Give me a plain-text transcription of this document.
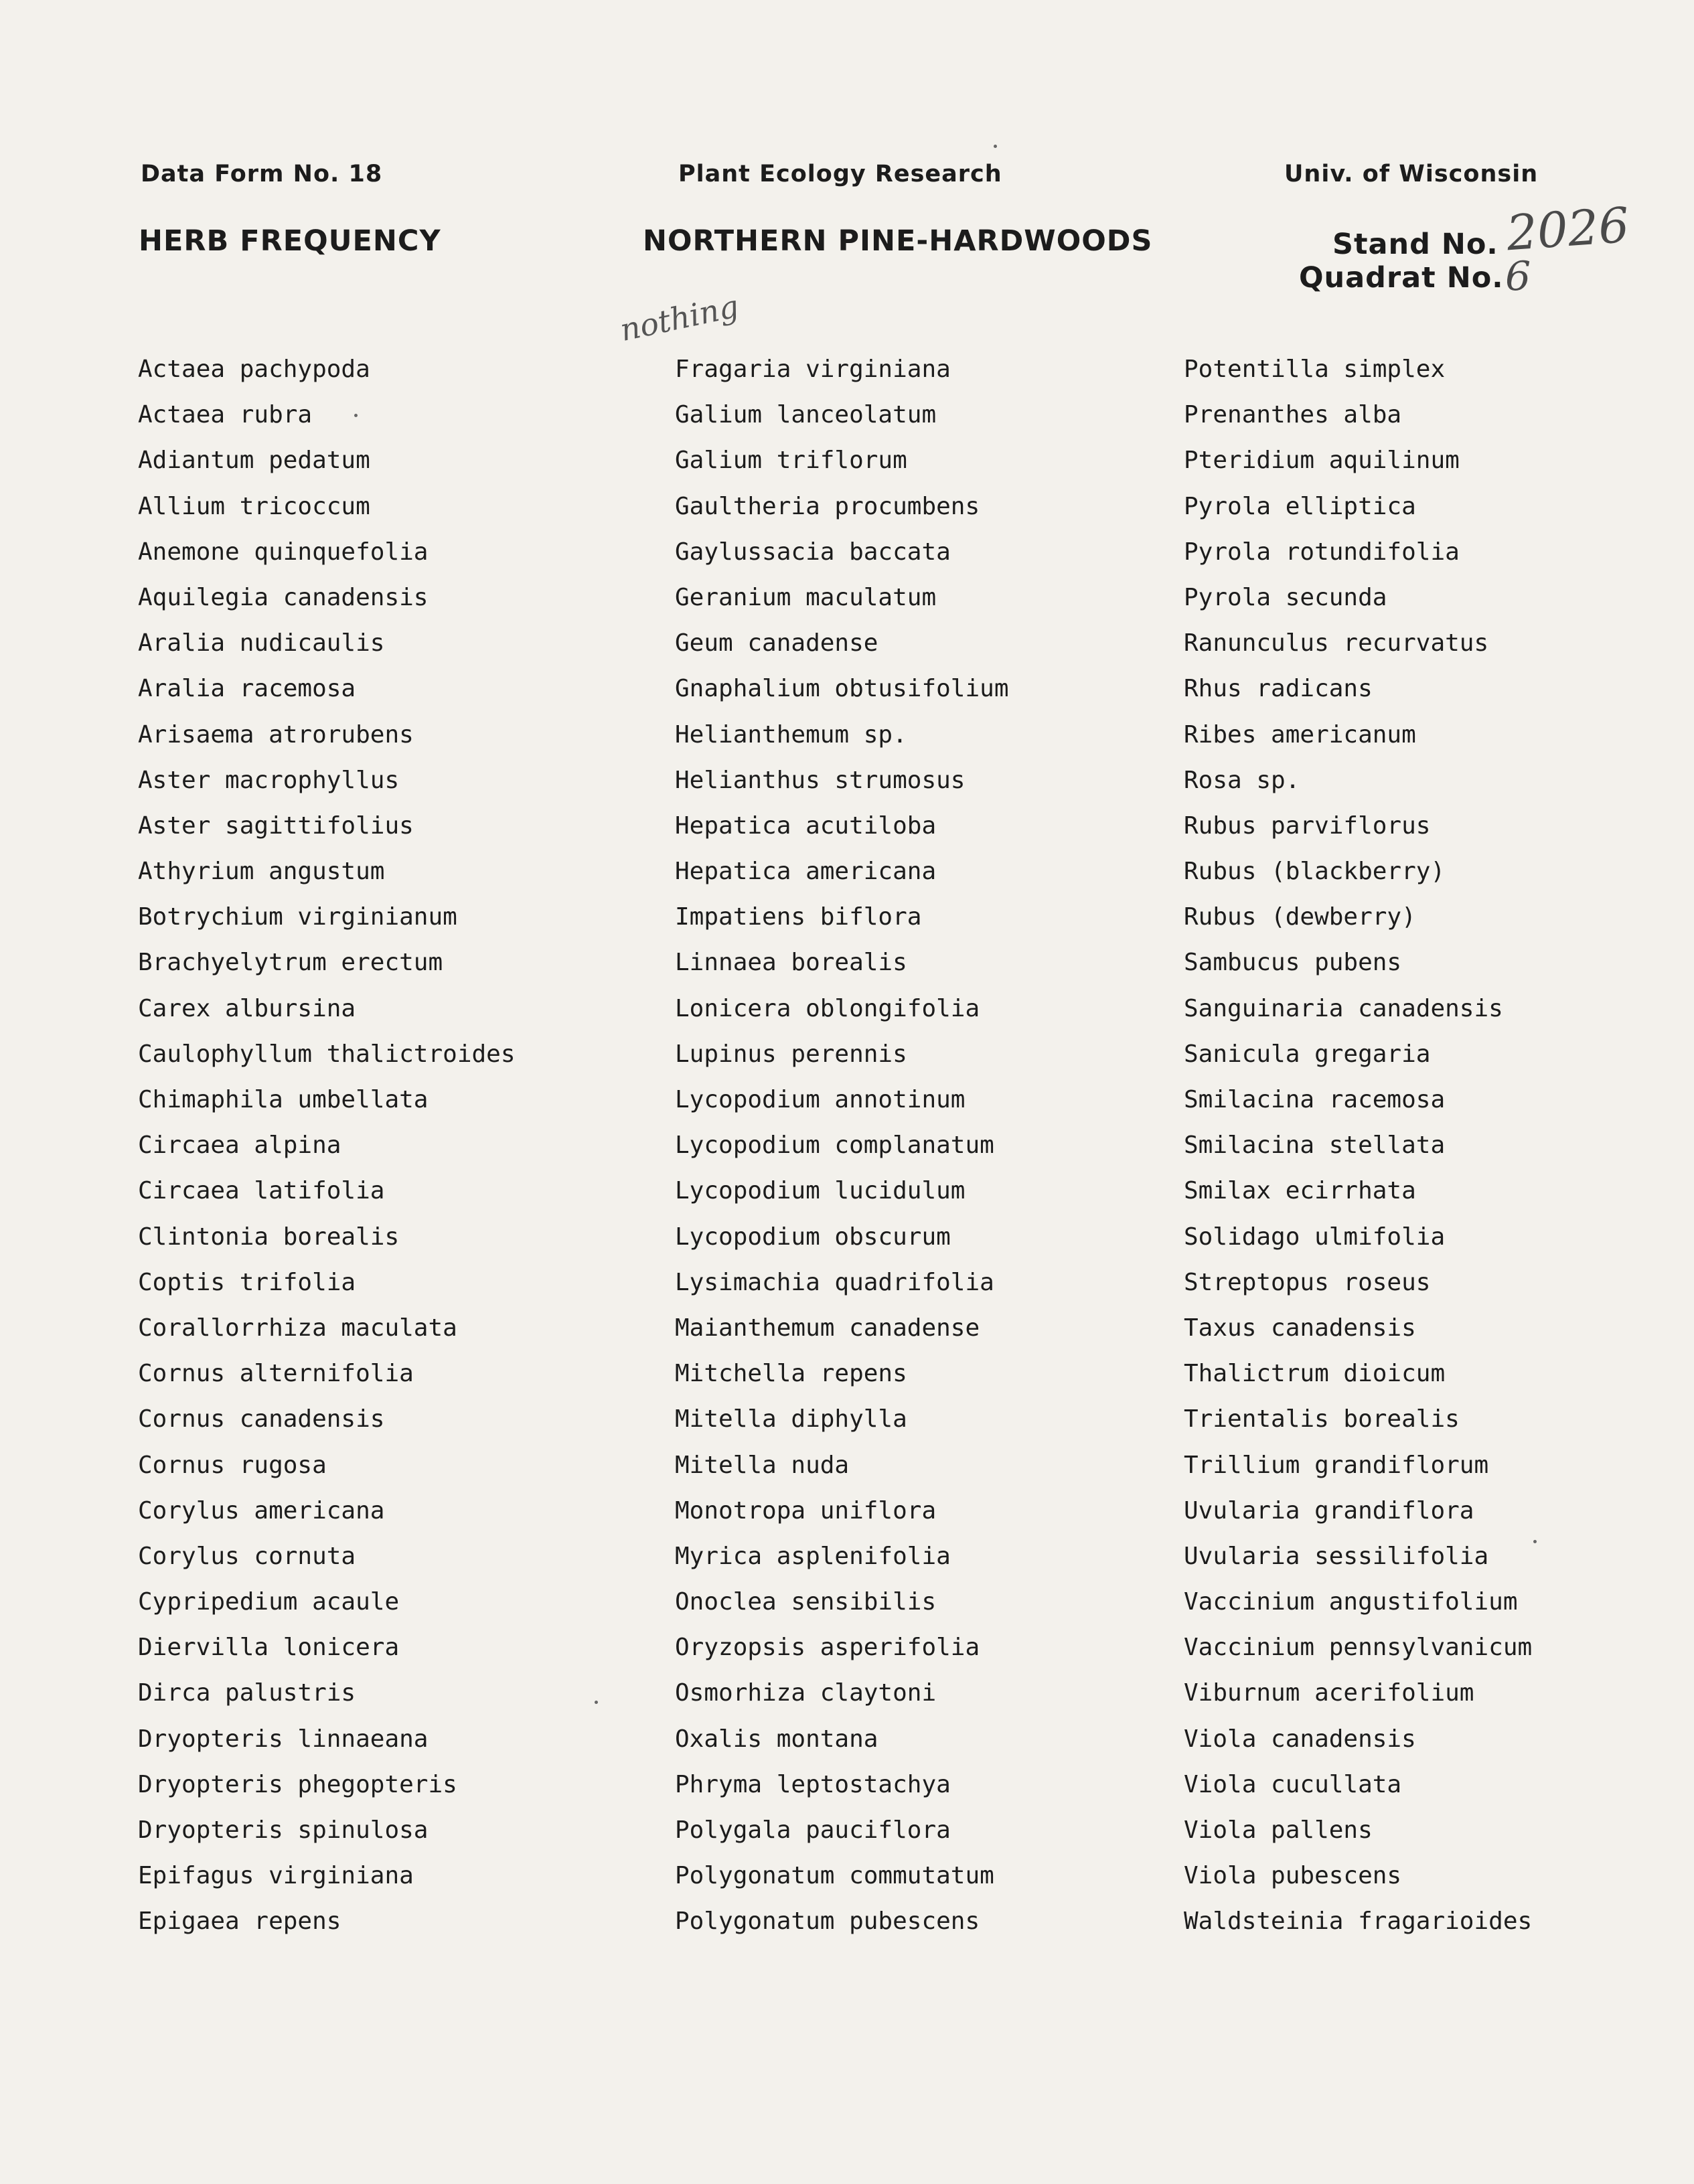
Data Form No. 18	Plant Ecology Research	Univ. of Wisconsin
HERB FREQUENCY	NORTHERN PINE-HARDWOODS	Stand No. 2026
Quadrat No. 6
nothing
Actaea pachypoda
Actaea rubra
Adiantum pedatum
Allium tricoccum
Anemone quinquefolia
Aquilegia canadensis
Aralia nudicaulis
Aralia racemosa
Arisaema atrorubens
Aster macrophyllus
Aster sagittifolius
Athyrium angustum
Botrychium virginianum
Brachyelytrum erectum
Carex albursina
Caulophyllum thalictroides
Chimaphila umbellata
Circaea alpina
Circaea latifolia
Clintonia borealis
Coptis trifolia
Corallorrhiza maculata
Cornus alternifolia
Cornus canadensis
Cornus rugosa
Corylus americana
Corylus cornuta
Cypripedium acaule
Diervilla lonicera
Dirca palustris
Dryopteris linnaeana
Dryopteris phegopteris
Dryopteris spinulosa
Epifagus virginiana
Epigaea repens
Fragaria virginiana
Galium lanceolatum
Galium triflorum
Gaultheria procumbens
Gaylussacia baccata
Geranium maculatum
Geum canadense
Gnaphalium obtusifolium
Helianthemum sp.
Helianthus strumosus
Hepatica acutiloba
Hepatica americana
Impatiens biflora
Linnaea borealis
Lonicera oblongifolia
Lupinus perennis
Lycopodium annotinum
Lycopodium complanatum
Lycopodium lucidulum
Lycopodium obscurum
Lysimachia quadrifolia
Maianthemum canadense
Mitchella repens
Mitella diphylla
Mitella nuda
Monotropa uniflora
Myrica asplenifolia
Onoclea sensibilis
Oryzopsis asperifolia
Osmorhiza claytoni
Oxalis montana
Phryma leptostachya
Polygala pauciflora
Polygonatum commutatum
Polygonatum pubescens
Potentilla simplex
Prenanthes alba
Pteridium aquilinum
Pyrola elliptica
Pyrola rotundifolia
Pyrola secunda
Ranunculus recurvatus
Rhus radicans
Ribes americanum
Rosa sp.
Rubus parviflorus
Rubus (blackberry)
Rubus (dewberry)
Sambucus pubens
Sanguinaria canadensis
Sanicula gregaria
Smilacina racemosa
Smilacina stellata
Smilax ecirrhata
Solidago ulmifolia
Streptopus roseus
Taxus canadensis
Thalictrum dioicum
Trientalis borealis
Trillium grandiflorum
Uvularia grandiflora
Uvularia sessilifolia
Vaccinium angustifolium
Vaccinium pennsylvanicum
Viburnum acerifolium
Viola canadensis
Viola cucullata
Viola pallens
Viola pubescens
Waldsteinia fragarioides
